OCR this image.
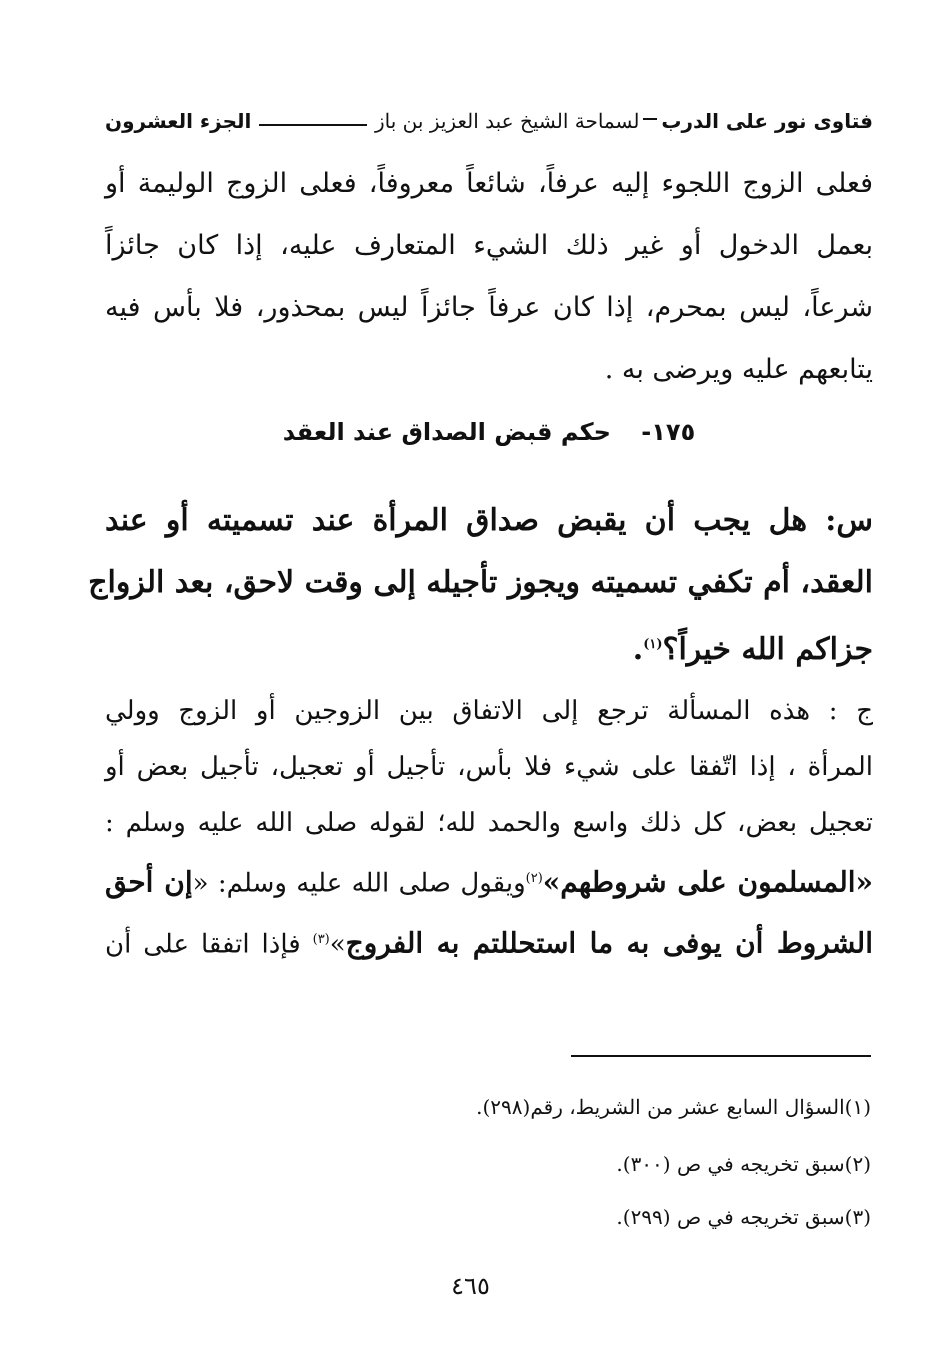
فتاوى نور على الدرب
لسماحة الشيخ عبد العزيز بن باز
الجزء العشرون
فعلى الزوج اللجوء إليه عرفاً، شائعاً معروفاً، فعلى الزوج الوليمة أو
بعمل الدخول أو غير ذلك الشيء المتعارف عليه، إذا كان جائزاً
شرعاً، ليس بمحرم، إذا كان عرفاً جائزاً ليس بمحذور، فلا بأس فيه
يتابعهم عليه ويرضى به .
١٧٥- حكم قبض الصداق عند العقد
س: هل يجب أن يقبض صداق المرأة عند تسميته أو عند
العقد، أم تكفي تسميته ويجوز تأجيله إلى وقت لاحق، بعد الزواج
جزاكم الله خيراً؟$^{(١)}$.
ج : هذه المسألة ترجع إلى الاتفاق بين الزوجين أو الزوج وولي
المرأة ، إذا اتّفقا على شيء فلا بأس، تأجيل أو تعجيل، تأجيل بعض أو
تعجيل بعض، كل ذلك واسع والحمد لله؛ لقوله صلى الله عليه وسلم :
«المسلمون على شروطهم»$^{(٢)}$ويقول صلى الله عليه وسلم: «إن أحق
الشروط أن يوفى به ما استحللتم به الفروج»$^{(٣)}$ فإذا اتفقا على أن
(١)السؤال السابع عشر من الشريط، رقم(٢٩٨).
(٢)سبق تخريجه في ص (٣٠٠).
(٣)سبق تخريجه في ص (٢٩٩).
٤٦٥
